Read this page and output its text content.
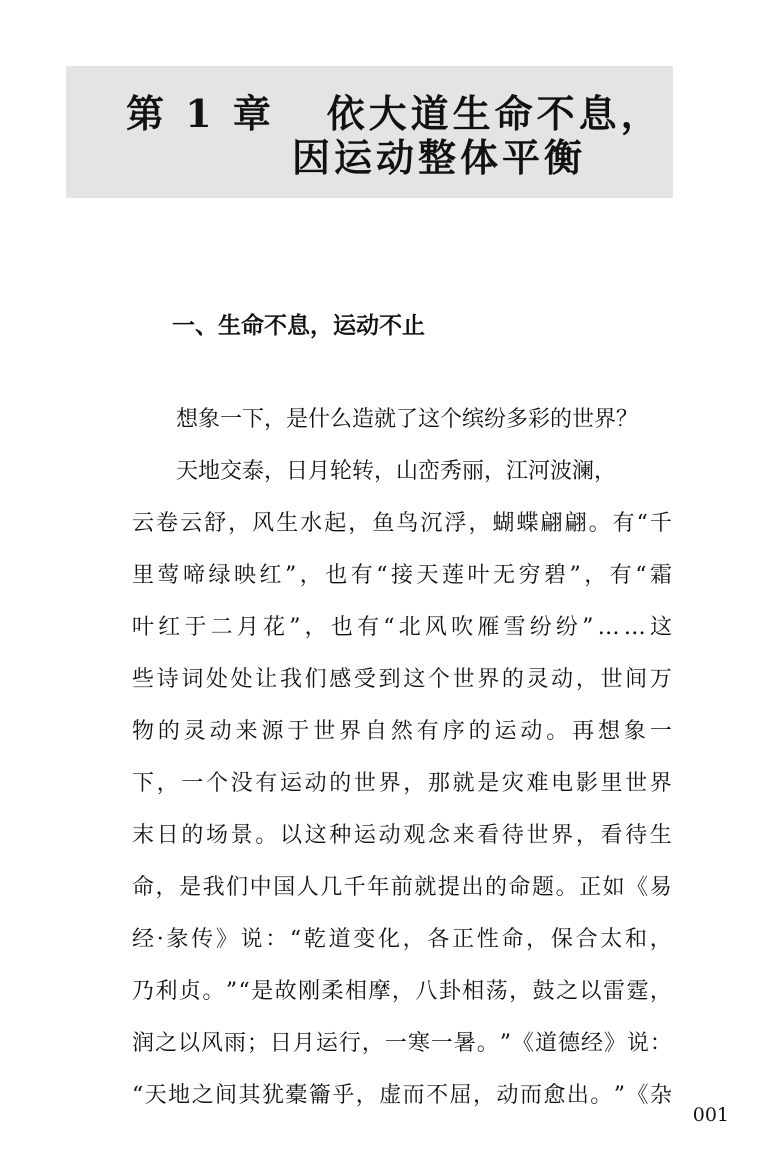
第 1 章   依大道生命不息，
因运动整体平衡
一、生命不息，运动不止
想象一下，是什么造就了这个缤纷多彩的世界？
天地交泰，日月轮转，山峦秀丽，江河波澜，
云 卷 云 舒 ， 风 生 水 起 ， 鱼 鸟 沉 浮 ， 蝴 蝶 翩 翩 。 有 “ 千
里 莺 啼 绿 映 红 ” ， 也 有 “ 接 天 莲 叶 无 穷 碧 ” ， 有 “ 霜
叶 红 于 二 月 花 ” ， 也 有 “ 北 风 吹 雁 雪 纷 纷 ” … … 这
些 诗 词 处 处 让 我 们 感 受 到 这 个 世 界 的 灵 动 ， 世 间 万
物 的 灵 动 来 源 于 世 界 自 然 有 序 的 运 动 。 再 想 象 一
下 ， 一 个 没 有 运 动 的 世 界 ， 那 就 是 灾 难 电 影 里 世 界
末 日 的 场 景 。 以 这 种 运 动 观 念 来 看 待 世 界 ， 看 待 生
命 ， 是 我 们 中 国 人 几 千 年 前 就 提 出 的 命 题 。 正 如 《 易
经 · 彖 传 》 说 ： “ 乾 道 变 化 ， 各 正 性 命 ， 保 合 太 和 ，
乃 利 贞 。 ” “ 是 故 刚 柔 相 摩 ， 八 卦 相 荡 ， 鼓 之 以 雷 霆 ，
润 之 以 风 雨 ； 日 月 运 行 ， 一 寒 一 暑 。 ” 《 道 德 经 》 说 ：
“ 天 地 之 间 其 犹 橐 籥 乎 ， 虚 而 不 屈 ， 动 而 愈 出 。 ” 《 杂
001
